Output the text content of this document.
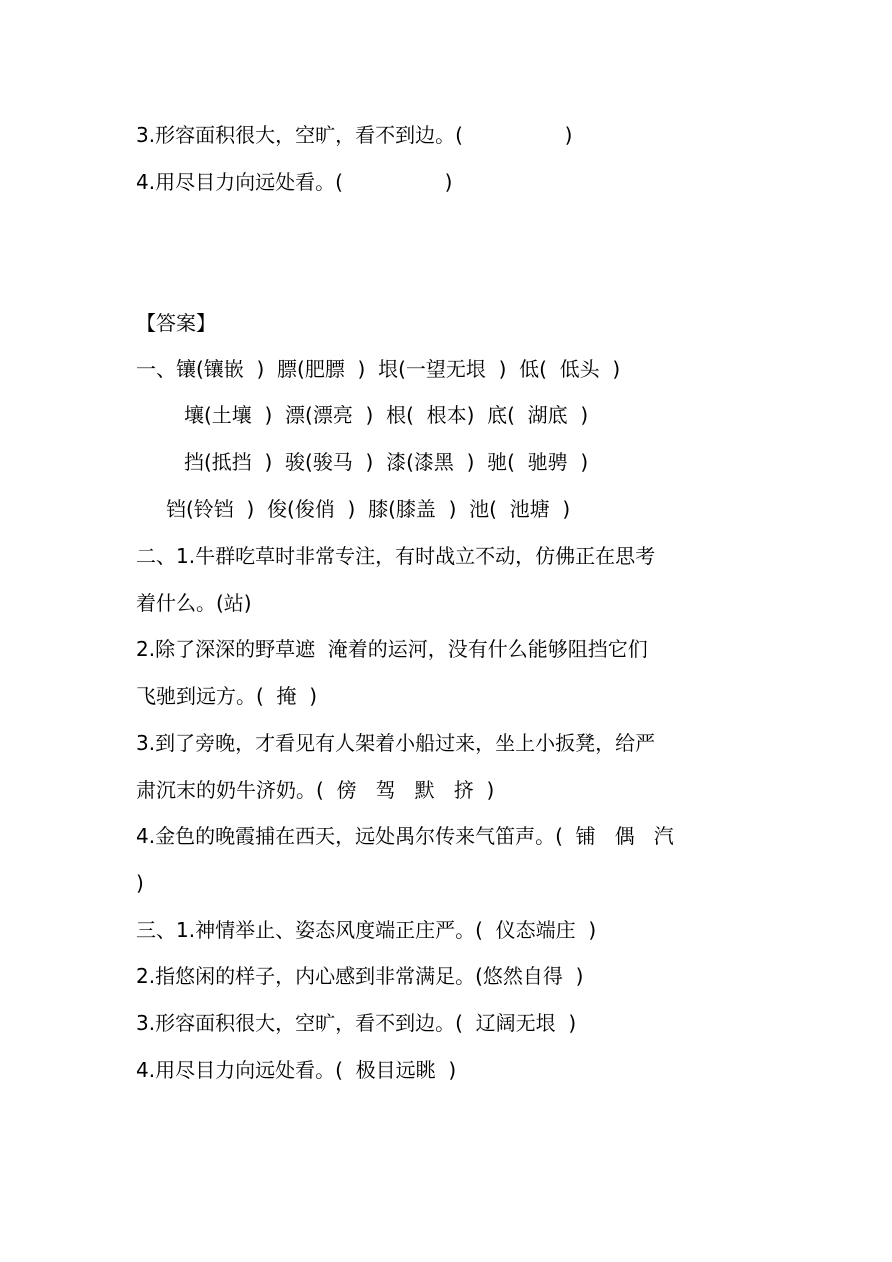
3.形容面积很大，空旷，看不到边。(                )
4.用尽目力向远处看。(                )
【答案】
一、镶(镶嵌  )  膘(肥膘  )  垠(一望无垠  )  低(  低头  )
壤(土壤  )  漂(漂亮  )  根(  根本)  底(  湖底  )
挡(抵挡  )  骏(骏马  )  漆(漆黑  )  驰(  驰骋  )
铛(铃铛  )  俊(俊俏  )  膝(膝盖  )  池(  池塘  )
二、1.牛群吃草时非常专注，有时战立不动，仿佛正在思考
着什么。(站)
2.除了深深的野草遮  淹着的运河，没有什么能够阻挡它们
飞驰到远方。(  掩  )
3.到了旁晚，才看见有人架着小船过来，坐上小扳凳，给严
肃沉末的奶牛济奶。(  傍   驾   默   挤  )
4.金色的晚霞捕在西天，远处禺尔传来气笛声。(  铺   偶   汽
)
三、1.神情举止、姿态风度端正庄严。(  仪态端庄  )
2.指悠闲的样子，内心感到非常满足。(悠然自得  )
3.形容面积很大，空旷，看不到边。(  辽阔无垠  )
4.用尽目力向远处看。(  极目远眺  )
